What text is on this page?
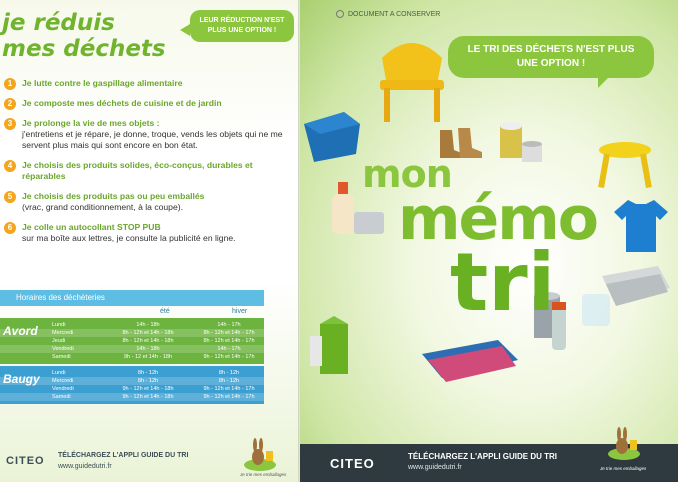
je réduis
mes déchets
LEUR RÉDUCTION N'EST PLUS UNE OPTION !
1	Je lutte contre le gaspillage alimentaire
2	Je composte mes déchets de cuisine et de jardin
3	Je prolonge la vie de mes objets :
j'entretiens et je répare, je donne, troque, vends les objets qui ne me servent plus mais qui sont encore en bon état.
4	Je choisis des produits solides, éco-conçus, durables et réparables
5	Je choisis des produits pas ou peu emballés
(vrac, grand conditionnement, à la coupe).
6	Je colle un autocollant STOP PUB
sur ma boîte aux lettres, je consulte la publicité en ligne.
Horaires des déchèteries
été	hiver
Avord	Lundi	14h - 18h	14h - 17h
Mercredi	8h - 12h et 14h - 18h	8h - 12h et 14h - 17h
Jeudi	8h - 12h et 14h - 18h	8h - 12h et 14h - 17h
Vendredi	14h - 18h	14h - 17h
Samedi	9h - 12 et 14h - 18h	9h - 12h et 14h - 17h
Baugy Lundi	8h - 12h	8h - 12h
Mercredi	8h - 12h	8h - 12h
Vendredi	9h - 12h et 14h - 18h	9h - 12h et 14h - 17h
Samedi	9h - 12h et 14h - 18h	9h - 12h et 14h - 17h
CITEO TÉLÉCHARGEZ L'APPLI GUIDE DU TRI
www.guidedutri.fr
Je trie mes emballages
DOCUMENT A CONSERVER
LE TRI DES DÉCHETS N'EST PLUS UNE OPTION !
mon
mémo
tri
CITEO	TÉLÉCHARGEZ L'APPLI GUIDE DU TRI
www.guidedutri.fr	Je trie mes emballages
